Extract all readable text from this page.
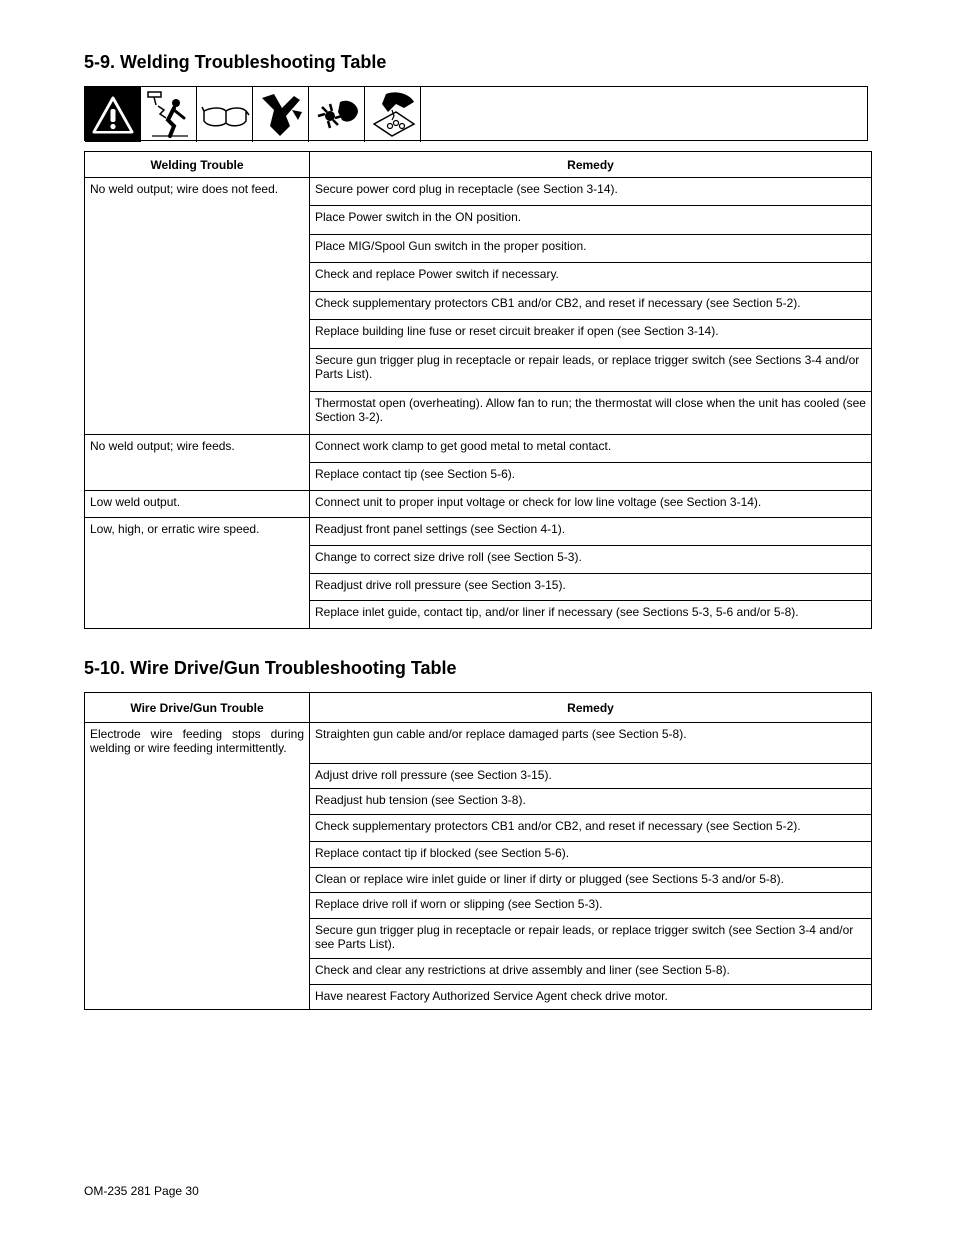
5-9. Welding Troubleshooting Table
Welding Trouble	Remedy
No weld output; wire does not feed.	Secure power cord plug in receptacle (see Section 3-14).
	Place Power switch in the ON position.
	Place MIG/Spool Gun switch in the proper position.
	Check and replace Power switch if necessary.
	Check supplementary protectors CB1 and/or CB2, and reset if necessary (see Section 5-2).
	Replace building line fuse or reset circuit breaker if open (see Section 3-14).
	Secure gun trigger plug in receptacle or repair leads, or replace trigger switch (see Sections 3-4 and/or Parts List).
	Thermostat open (overheating). Allow fan to run; the thermostat will close when the unit has cooled (see Section 3-2).
No weld output; wire feeds.	Connect work clamp to get good metal to metal contact.
	Replace contact tip (see Section 5-6).
Low weld output.	Connect unit to proper input voltage or check for low line voltage (see Section 3-14).
Low, high, or erratic wire speed.	Readjust front panel settings (see Section 4-1).
	Change to correct size drive roll (see Section 5-3).
	Readjust drive roll pressure (see Section 3-15).
	Replace inlet guide, contact tip, and/or liner if necessary (see Sections 5-3, 5-6 and/or 5-8).
5-10. Wire Drive/Gun Troubleshooting Table
Wire Drive/Gun Trouble	Remedy
Electrode wire feeding stops during welding or wire feeding intermittently.	Straighten gun cable and/or replace damaged parts (see Section 5-8).
	Adjust drive roll pressure (see Section 3-15).
	Readjust hub tension (see Section 3-8).
	Check supplementary protectors CB1 and/or CB2, and reset if necessary (see Section 5-2).
	Replace contact tip if blocked (see Section 5-6).
	Clean or replace wire inlet guide or liner if dirty or plugged (see Sections 5-3 and/or 5-8).
	Replace drive roll if worn or slipping (see Section 5-3).
	Secure gun trigger plug in receptacle or repair leads, or replace trigger switch (see Section 3-4 and/or see Parts List).
	Check and clear any restrictions at drive assembly and liner (see Section 5-8).
	Have nearest Factory Authorized Service Agent check drive motor.
OM-235 281 Page 30
